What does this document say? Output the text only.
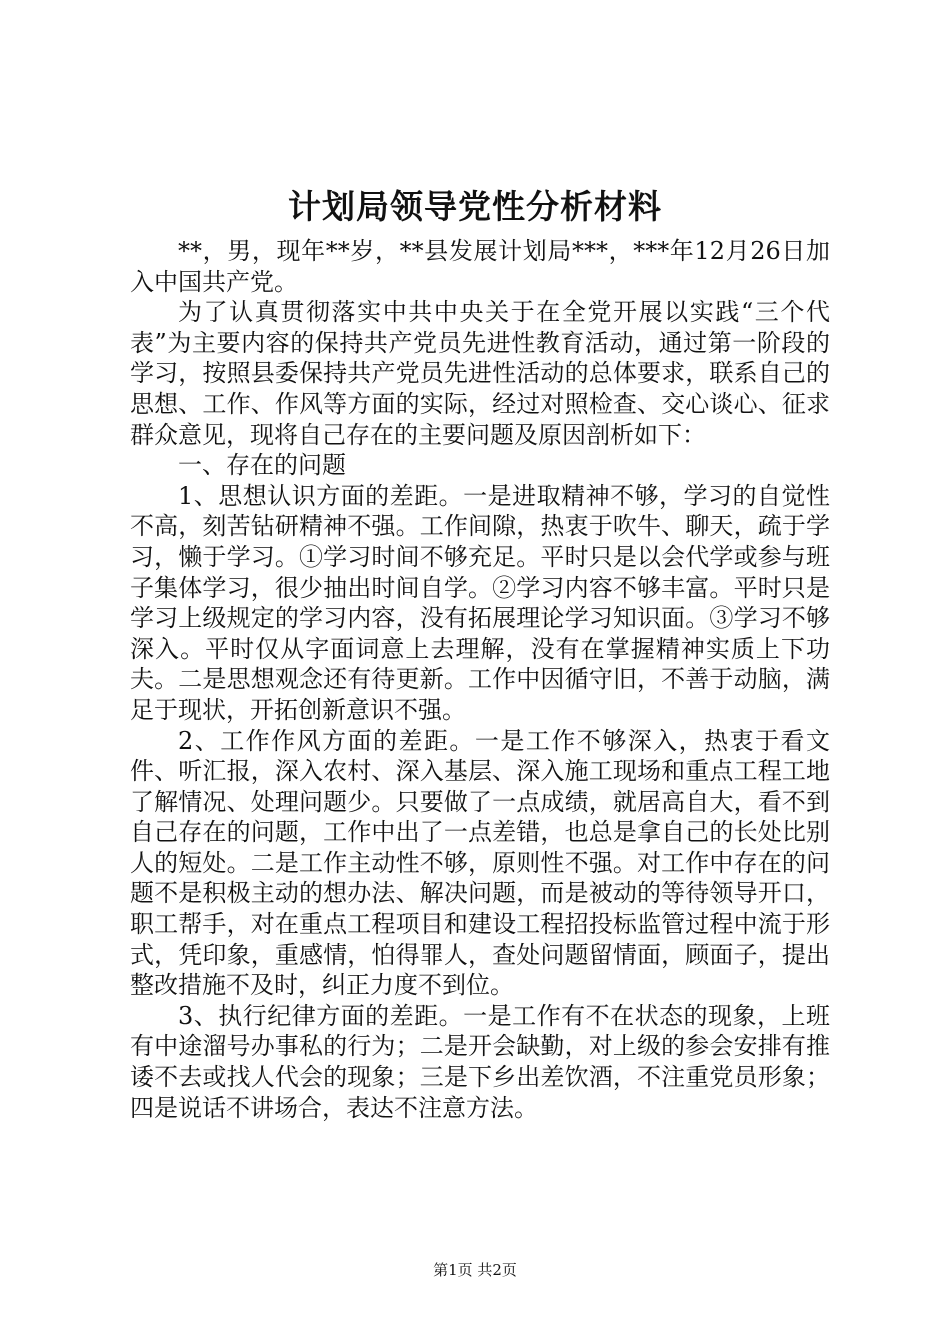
计划局领导党性分析材料

**，男，现年**岁，**县发展计划局***，***年12月26日加入中国共产党。

为了认真贯彻落实中共中央关于在全党开展以实践“三个代表”为主要内容的保持共产党员先进性教育活动，通过第一阶段的学习，按照县委保持共产党员先进性活动的总体要求，联系自己的思想、工作、作风等方面的实际，经过对照检查、交心谈心、征求群众意见，现将自己存在的主要问题及原因剖析如下：

一、存在的问题

1、思想认识方面的差距。一是进取精神不够，学习的自觉性不高，刻苦钻研精神不强。工作间隙，热衷于吹牛、聊天，疏于学习，懒于学习。①学习时间不够充足。平时只是以会代学或参与班子集体学习，很少抽出时间自学。②学习内容不够丰富。平时只是学习上级规定的学习内容，没有拓展理论学习知识面。③学习不够深入。平时仅从字面词意上去理解，没有在掌握精神实质上下功夫。二是思想观念还有待更新。工作中因循守旧，不善于动脑，满足于现状，开拓创新意识不强。

2、工作作风方面的差距。一是工作不够深入，热衷于看文件、听汇报，深入农村、深入基层、深入施工现场和重点工程工地了解情况、处理问题少。只要做了一点成绩，就居高自大，看不到自己存在的问题，工作中出了一点差错，也总是拿自己的长处比别人的短处。二是工作主动性不够，原则性不强。对工作中存在的问题不是积极主动的想办法、解决问题，而是被动的等待领导开口，职工帮手，对在重点工程项目和建设工程招投标监管过程中流于形式，凭印象，重感情，怕得罪人，查处问题留情面，顾面子，提出整改措施不及时，纠正力度不到位。

3、执行纪律方面的差距。一是工作有不在状态的现象，上班有中途溜号办事私的行为；二是开会缺勤，对上级的参会安排有推诿不去或找人代会的现象；三是下乡出差饮酒，不注重党员形象；四是说话不讲场合，表达不注意方法。

第1页 共2页
